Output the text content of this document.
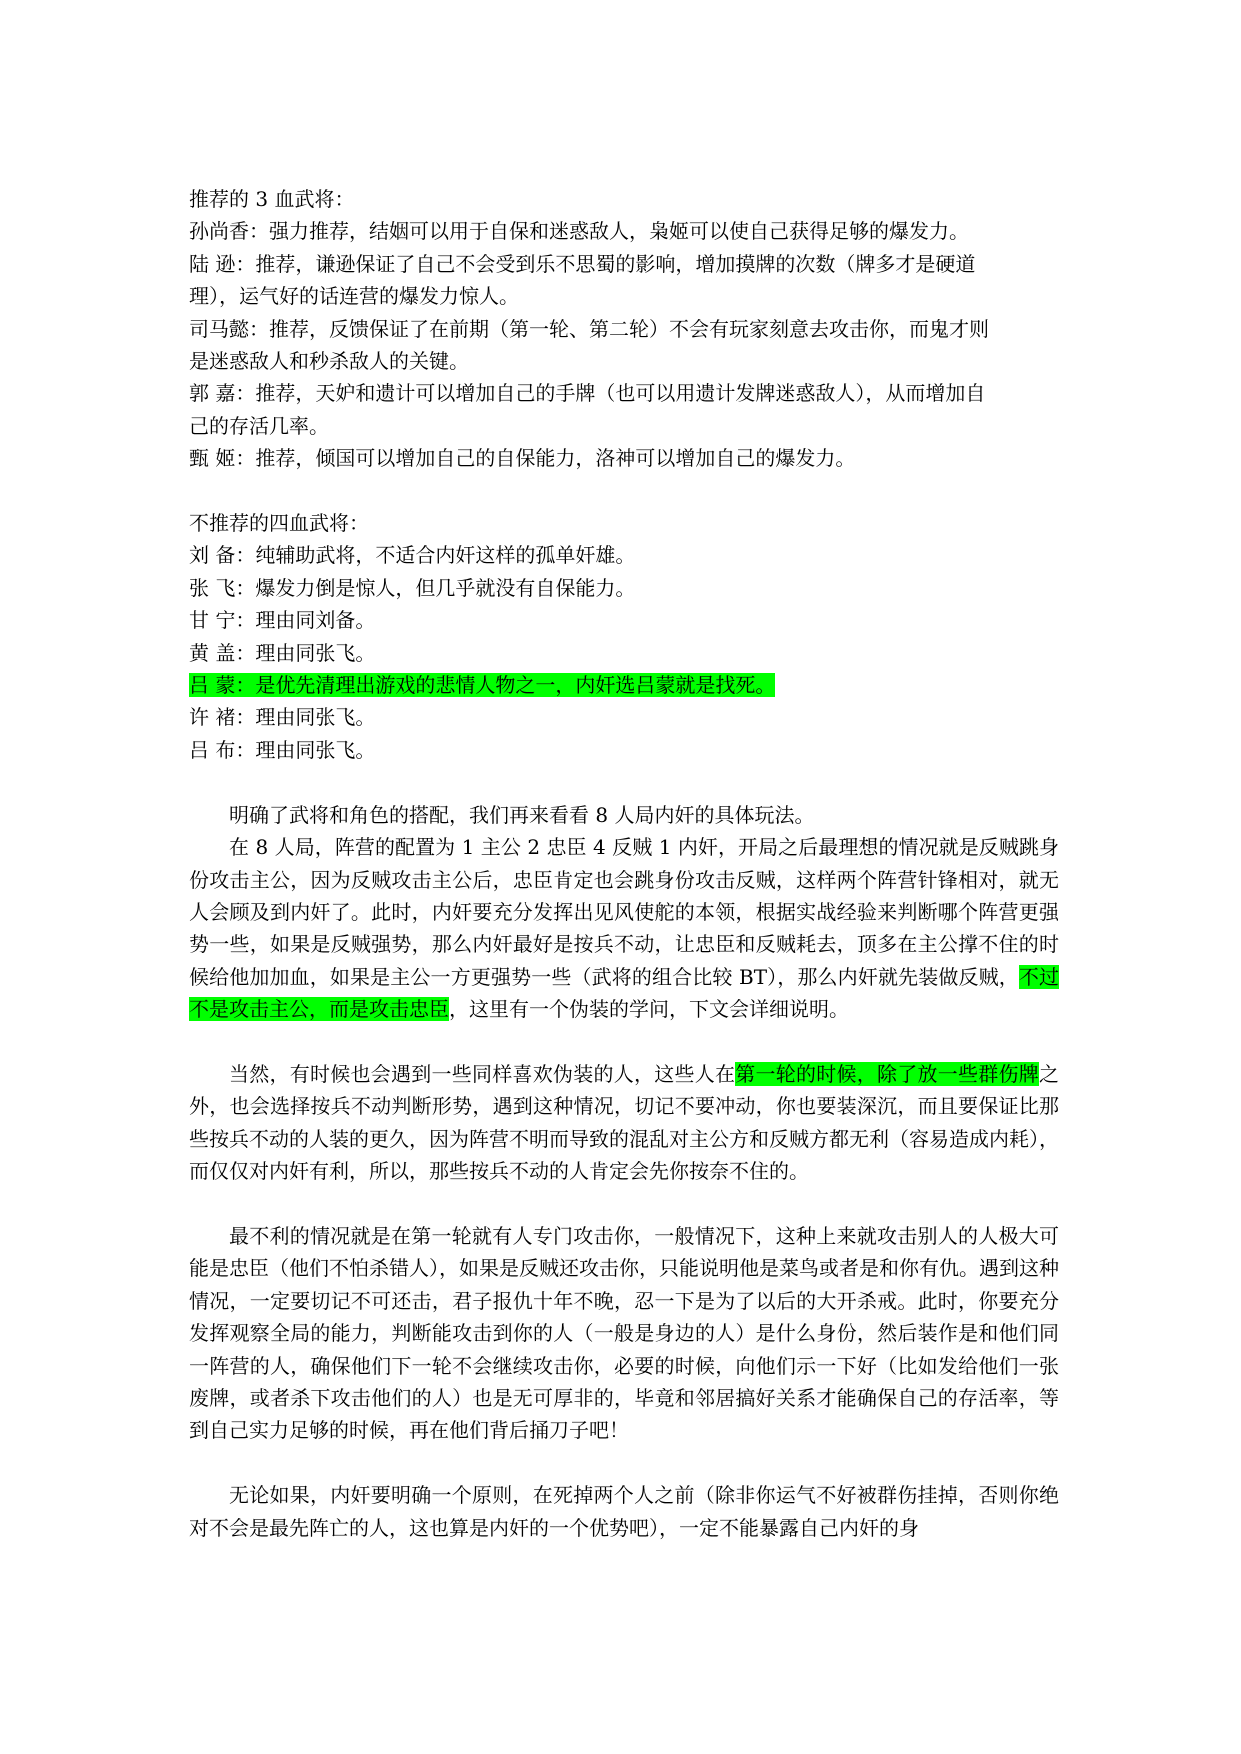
推荐的 3 血武将：
孙尚香：强力推荐，结姻可以用于自保和迷惑敌人，枭姬可以使自己获得足够的爆发力。
陆 逊：推荐，谦逊保证了自己不会受到乐不思蜀的影响，增加摸牌的次数（牌多才是硬道
理），运气好的话连营的爆发力惊人。
司马懿：推荐，反馈保证了在前期（第一轮、第二轮）不会有玩家刻意去攻击你，而鬼才则
是迷惑敌人和秒杀敌人的关键。
郭 嘉：推荐，天妒和遗计可以增加自己的手牌（也可以用遗计发牌迷惑敌人），从而增加自
己的存活几率。
甄 姬：推荐，倾国可以增加自己的自保能力，洛神可以增加自己的爆发力。
不推荐的四血武将：
刘 备：纯辅助武将，不适合内奸这样的孤单奸雄。
张 飞：爆发力倒是惊人，但几乎就没有自保能力。
甘 宁：理由同刘备。
黄 盖：理由同张飞。
吕 蒙：是优先清理出游戏的悲情人物之一，内奸选吕蒙就是找死。
许 褚：理由同张飞。
吕 布：理由同张飞。
明确了武将和角色的搭配，我们再来看看 8 人局内奸的具体玩法。
在 8 人局，阵营的配置为 1 主公 2 忠臣 4 反贼 1 内奸，开局之后最理想的情况就是反贼跳身份攻击主公，因为反贼攻击主公后，忠臣肯定也会跳身份攻击反贼，这样两个阵营针锋相对，就无人会顾及到内奸了。此时，内奸要充分发挥出见风使舵的本领，根据实战经验来判断哪个阵营更强势一些，如果是反贼强势，那么内奸最好是按兵不动，让忠臣和反贼耗去，顶多在主公撑不住的时候给他加加血，如果是主公一方更强势一些（武将的组合比较 BT），那么内奸就先装做反贼，不过不是攻击主公，而是攻击忠臣，这里有一个伪装的学问，下文会详细说明。
当然，有时候也会遇到一些同样喜欢伪装的人，这些人在第一轮的时候，除了放一些群伤牌之外，也会选择按兵不动判断形势，遇到这种情况，切记不要冲动，你也要装深沉，而且要保证比那些按兵不动的人装的更久，因为阵营不明而导致的混乱对主公方和反贼方都无利（容易造成内耗），而仅仅对内奸有利，所以，那些按兵不动的人肯定会先你按奈不住的。
最不利的情况就是在第一轮就有人专门攻击你，一般情况下，这种上来就攻击别人的人极大可能是忠臣（他们不怕杀错人），如果是反贼还攻击你，只能说明他是菜鸟或者是和你有仇。遇到这种情况，一定要切记不可还击，君子报仇十年不晚，忍一下是为了以后的大开杀戒。此时，你要充分发挥观察全局的能力，判断能攻击到你的人（一般是身边的人）是什么身份，然后装作是和他们同一阵营的人，确保他们下一轮不会继续攻击你，必要的时候，向他们示一下好（比如发给他们一张废牌，或者杀下攻击他们的人）也是无可厚非的，毕竟和邻居搞好关系才能确保自己的存活率，等到自己实力足够的时候，再在他们背后捅刀子吧！
无论如果，内奸要明确一个原则，在死掉两个人之前（除非你运气不好被群伤挂掉，否则你绝对不会是最先阵亡的人，这也算是内奸的一个优势吧），一定不能暴露自己内奸的身
